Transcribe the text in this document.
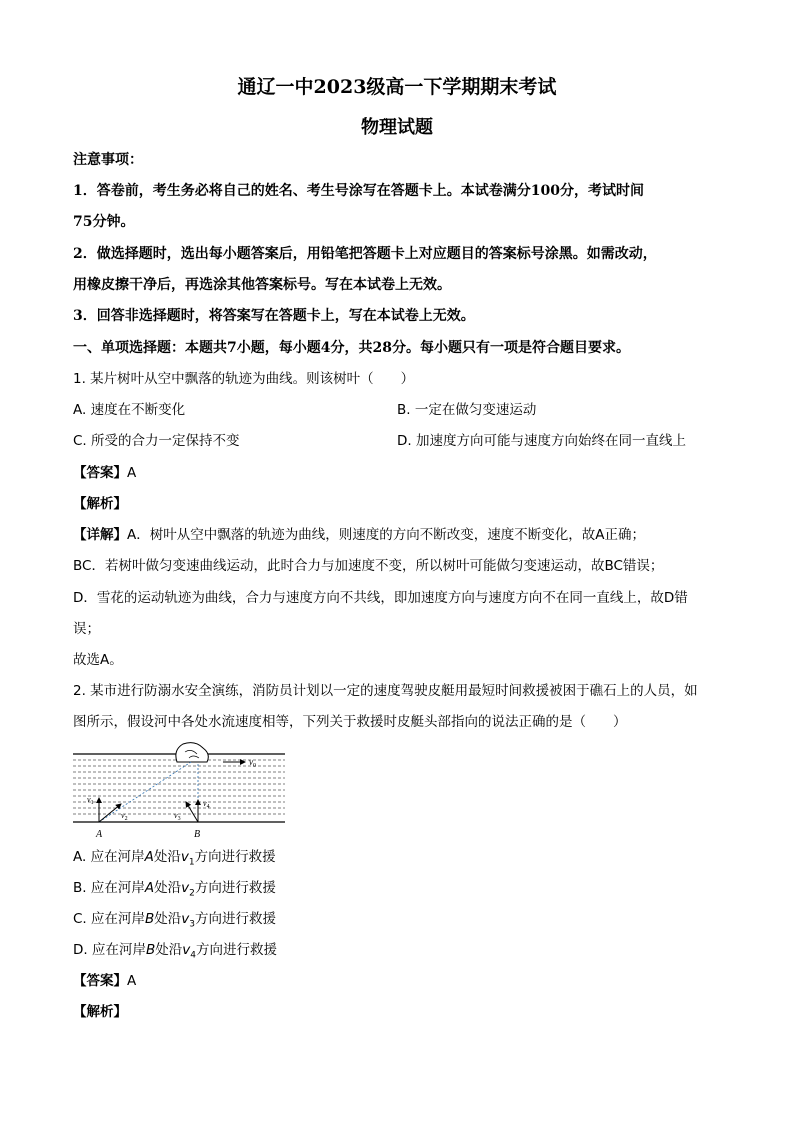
通辽一中2023级高一下学期期末考试
物理试题
注意事项：
1．答卷前，考生务必将自己的姓名、考生号涂写在答题卡上。本试卷满分100分，考试时间
75分钟。
2．做选择题时，选出每小题答案后，用铅笔把答题卡上对应题目的答案标号涂黑。如需改动，
用橡皮擦干净后，再选涂其他答案标号。写在本试卷上无效。
3．回答非选择题时，将答案写在答题卡上，写在本试卷上无效。
一、单项选择题：本题共7小题，每小题4分，共28分。每小题只有一项是符合题目要求。
1. 某片树叶从空中飘落的轨迹为曲线。则该树叶（　　）
A. 速度在不断变化	B. 一定在做匀变速运动
C. 所受的合力一定保持不变	D. 加速度方向可能与速度方向始终在同一直线上
【答案】A
【解析】
【详解】A．树叶从空中飘落的轨迹为曲线，则速度的方向不断改变，速度不断变化，故A正确；
BC．若树叶做匀变速曲线运动，此时合力与加速度不变，所以树叶可能做匀变速运动，故BC错误；
D．雪花的运动轨迹为曲线，合力与速度方向不共线，即加速度方向与速度方向不在同一直线上，故D错
误；
故选A。
2. 某市进行防溺水安全演练，消防员计划以一定的速度驾驶皮艇用最短时间救援被困于礁石上的人员，如
图所示，假设河中各处水流速度相等，下列关于救援时皮艇头部指向的说法正确的是（　　）
$v_0$
$v_1$
$v_2$	$v_3$
$v_4$
A	B
A. 应在河岸A处沿$v_1$方向进行救援
B. 应在河岸A处沿$v_2$方向进行救援
C. 应在河岸B处沿$v_3$方向进行救援
D. 应在河岸B处沿$v_4$方向进行救援
【答案】A
【解析】
